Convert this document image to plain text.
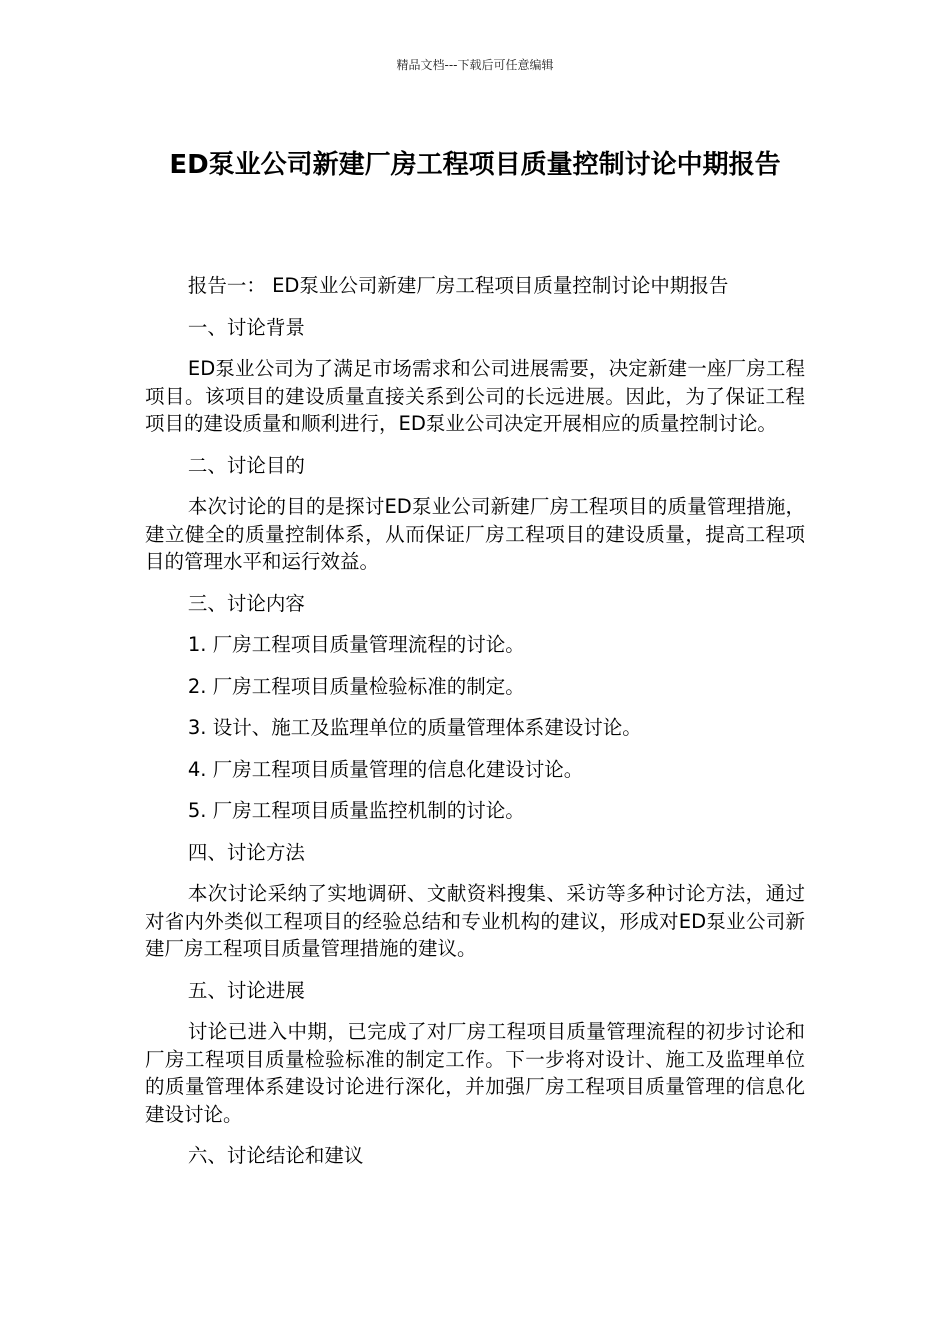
精品文档---下载后可任意编辑
ED泵业公司新建厂房工程项目质量控制讨论中期报告

报告一： ED泵业公司新建厂房工程项目质量控制讨论中期报告

一、讨论背景

ED泵业公司为了满足市场需求和公司进展需要，决定新建一座厂房工程项目。该项目的建设质量直接关系到公司的长远进展。因此，为了保证工程项目的建设质量和顺利进行，ED泵业公司决定开展相应的质量控制讨论。

二、讨论目的

本次讨论的目的是探讨ED泵业公司新建厂房工程项目的质量管理措施，建立健全的质量控制体系，从而保证厂房工程项目的建设质量，提高工程项目的管理水平和运行效益。

三、讨论内容

1. 厂房工程项目质量管理流程的讨论。

2. 厂房工程项目质量检验标准的制定。

3. 设计、施工及监理单位的质量管理体系建设讨论。

4. 厂房工程项目质量管理的信息化建设讨论。

5. 厂房工程项目质量监控机制的讨论。

四、讨论方法

本次讨论采纳了实地调研、文献资料搜集、采访等多种讨论方法，通过对省内外类似工程项目的经验总结和专业机构的建议，形成对ED泵业公司新建厂房工程项目质量管理措施的建议。

五、讨论进展

讨论已进入中期，已完成了对厂房工程项目质量管理流程的初步讨论和厂房工程项目质量检验标准的制定工作。下一步将对设计、施工及监理单位的质量管理体系建设讨论进行深化，并加强厂房工程项目质量管理的信息化建设讨论。

六、讨论结论和建议
